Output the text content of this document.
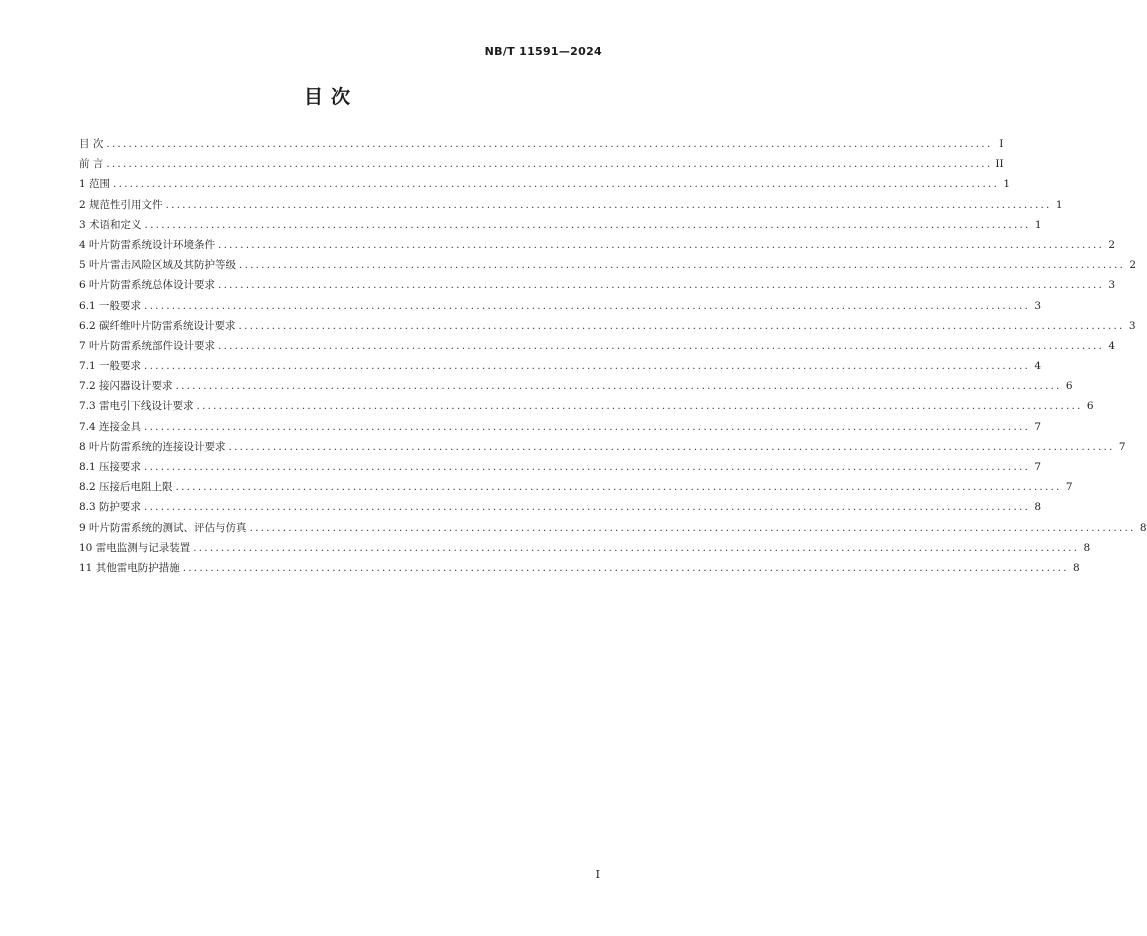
NB/T 11591—2024
目次
目 次 ................................................................................................................................................................ I
前 言 ................................................................................................................................................................ II
1 范围 ................................................................................................................................................................ 1
2 规范性引用文件 ................................................................................................................................................................ 1
3 术语和定义 ................................................................................................................................................................ 1
4 叶片防雷系统设计环境条件 ................................................................................................................................................................ 2
5 叶片雷击风险区域及其防护等级 ................................................................................................................................................................ 2
6 叶片防雷系统总体设计要求 ................................................................................................................................................................ 3
6.1 一般要求 ................................................................................................................................................................ 3
6.2 碳纤维叶片防雷系统设计要求 ................................................................................................................................................................ 3
7 叶片防雷系统部件设计要求 ................................................................................................................................................................ 4
7.1 一般要求 ................................................................................................................................................................ 4
7.2 接闪器设计要求 ................................................................................................................................................................ 6
7.3 雷电引下线设计要求 ................................................................................................................................................................ 6
7.4 连接金具 ................................................................................................................................................................ 7
8 叶片防雷系统的连接设计要求 ................................................................................................................................................................ 7
8.1 压接要求 ................................................................................................................................................................ 7
8.2 压接后电阻上限 ................................................................................................................................................................ 7
8.3 防护要求 ................................................................................................................................................................ 8
9 叶片防雷系统的测试、评估与仿真 ................................................................................................................................................................ 8
10 雷电监测与记录装置 ................................................................................................................................................................ 8
11 其他雷电防护措施 ................................................................................................................................................................ 8
I
